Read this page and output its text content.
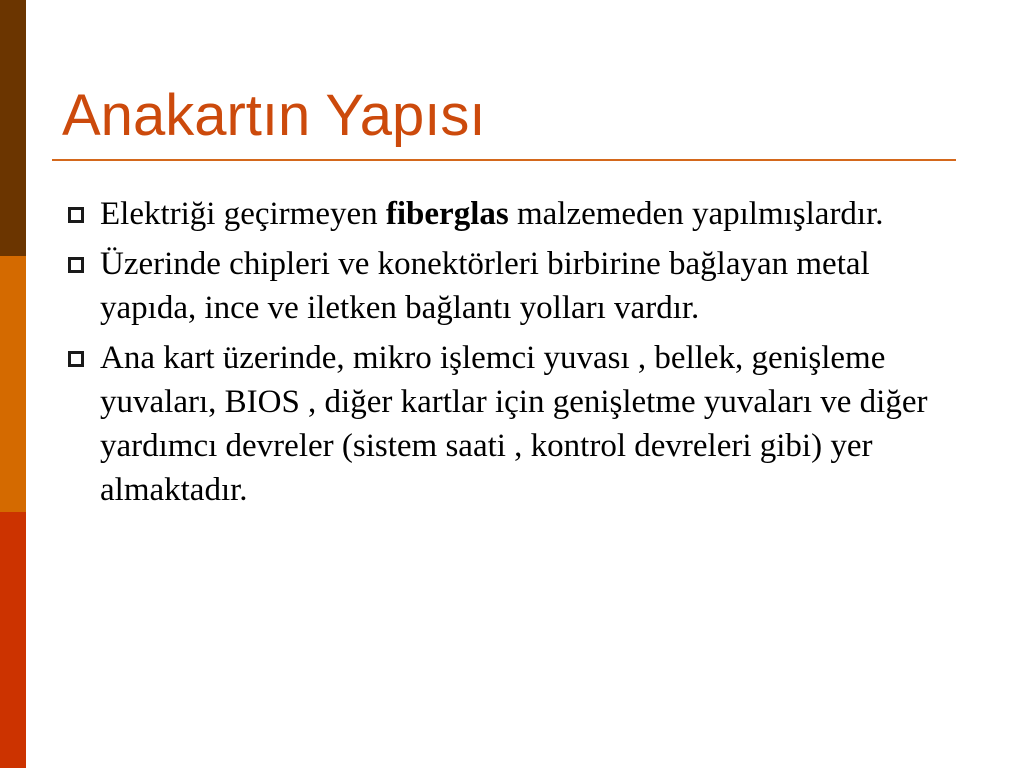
Anakartın Yapısı
Elektriği geçirmeyen fiberglas malzemeden yapılmışlardır.
Üzerinde chipleri ve konektörleri birbirine bağlayan metal yapıda, ince ve iletken bağlantı yolları vardır.
Ana kart üzerinde, mikro işlemci yuvası , bellek, genişleme yuvaları, BIOS , diğer kartlar için genişletme yuvaları ve diğer yardımcı devreler (sistem saati , kontrol devreleri gibi) yer almaktadır.
